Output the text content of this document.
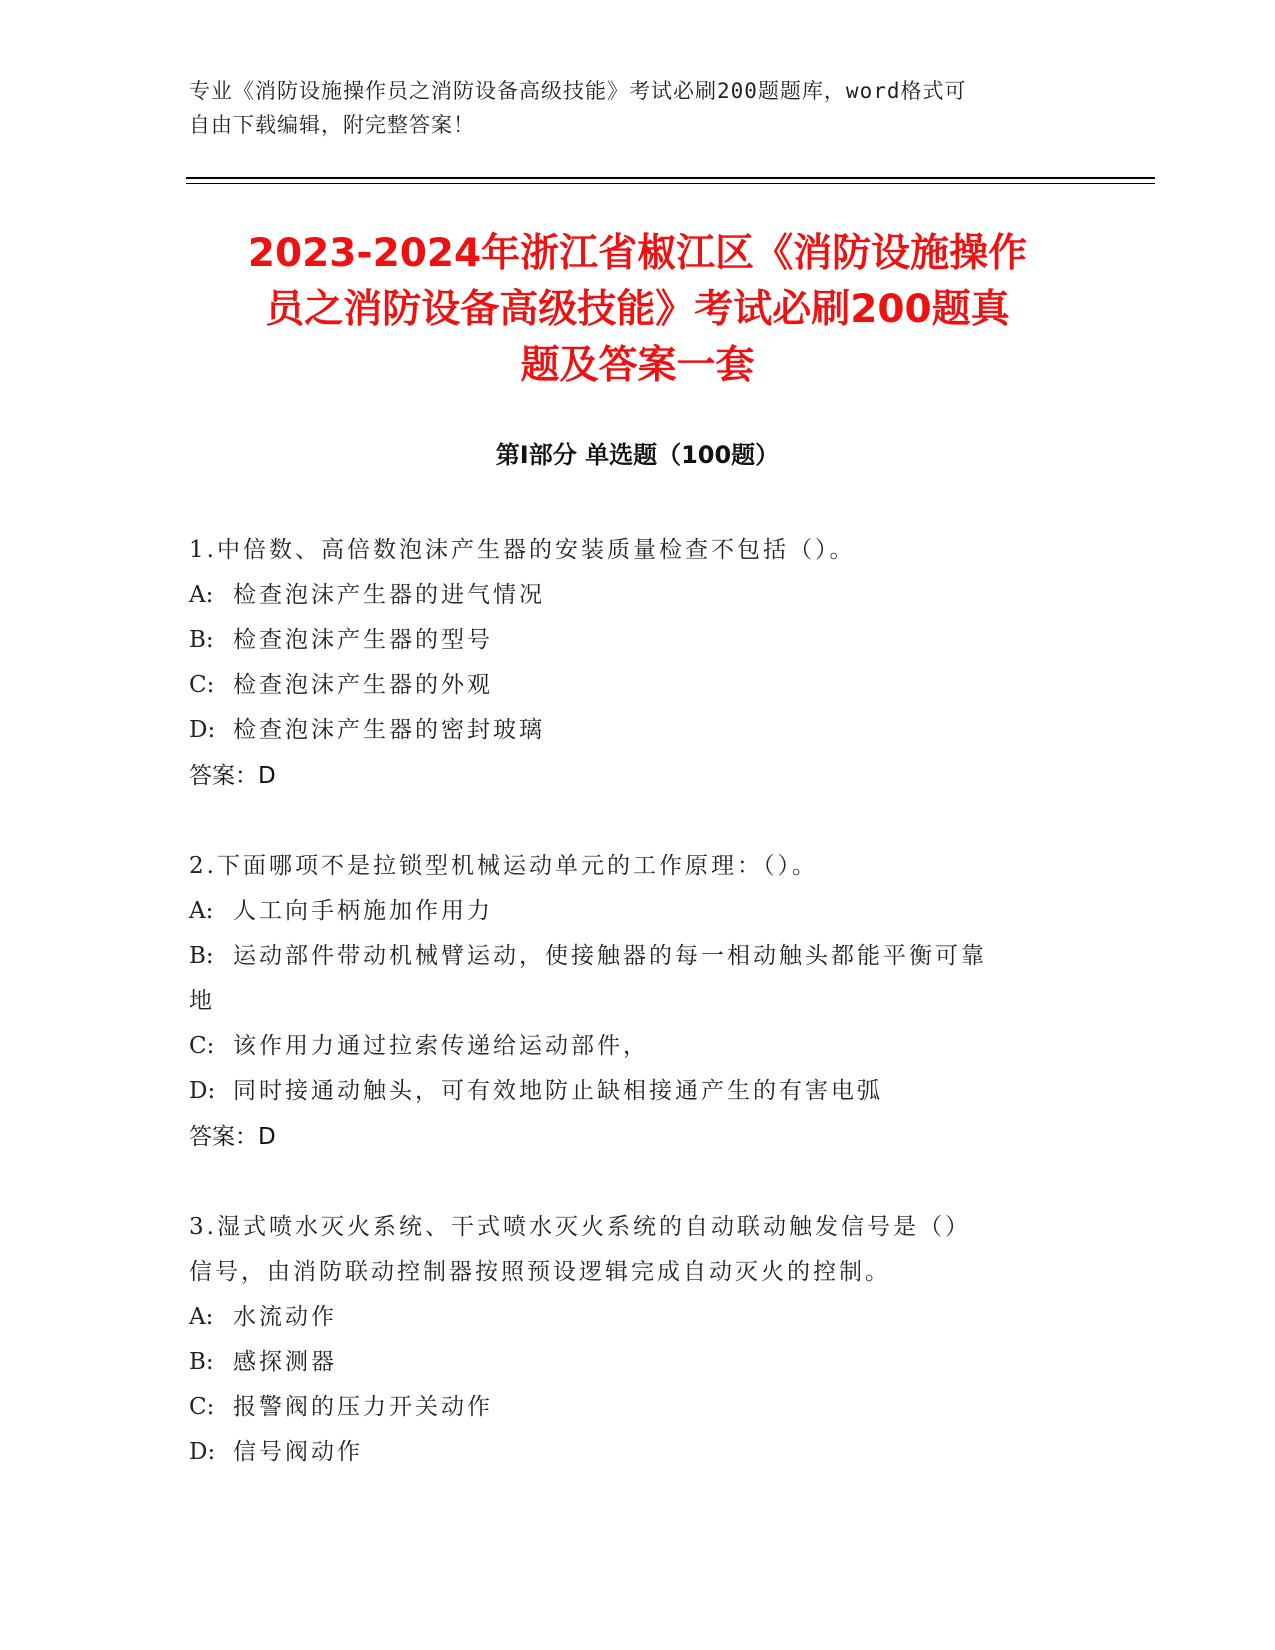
专业《消防设施操作员之消防设备高级技能》考试必刷200题题库，word格式可
自由下载编辑，附完整答案！
2023-2024年浙江省椒江区《消防设施操作
员之消防设备高级技能》考试必刷200题真
题及答案一套
第Ⅰ部分 单选题（100题）
1.中倍数、高倍数泡沫产生器的安装质量检查不包括（）。
A: 检查泡沫产生器的进气情况
B: 检查泡沫产生器的型号
C: 检查泡沫产生器的外观
D: 检查泡沫产生器的密封玻璃
答案：D
2.下面哪项不是拉锁型机械运动单元的工作原理：（）。
A: 人工向手柄施加作用力
B: 运动部件带动机械臂运动，使接触器的每一相动触头都能平衡可靠
地
C: 该作用力通过拉索传递给运动部件，
D: 同时接通动触头，可有效地防止缺相接通产生的有害电弧
答案：D
3.湿式喷水灭火系统、干式喷水灭火系统的自动联动触发信号是（）
信号，由消防联动控制器按照预设逻辑完成自动灭火的控制。
A: 水流动作
B: 感探测器
C: 报警阀的压力开关动作
D: 信号阀动作
